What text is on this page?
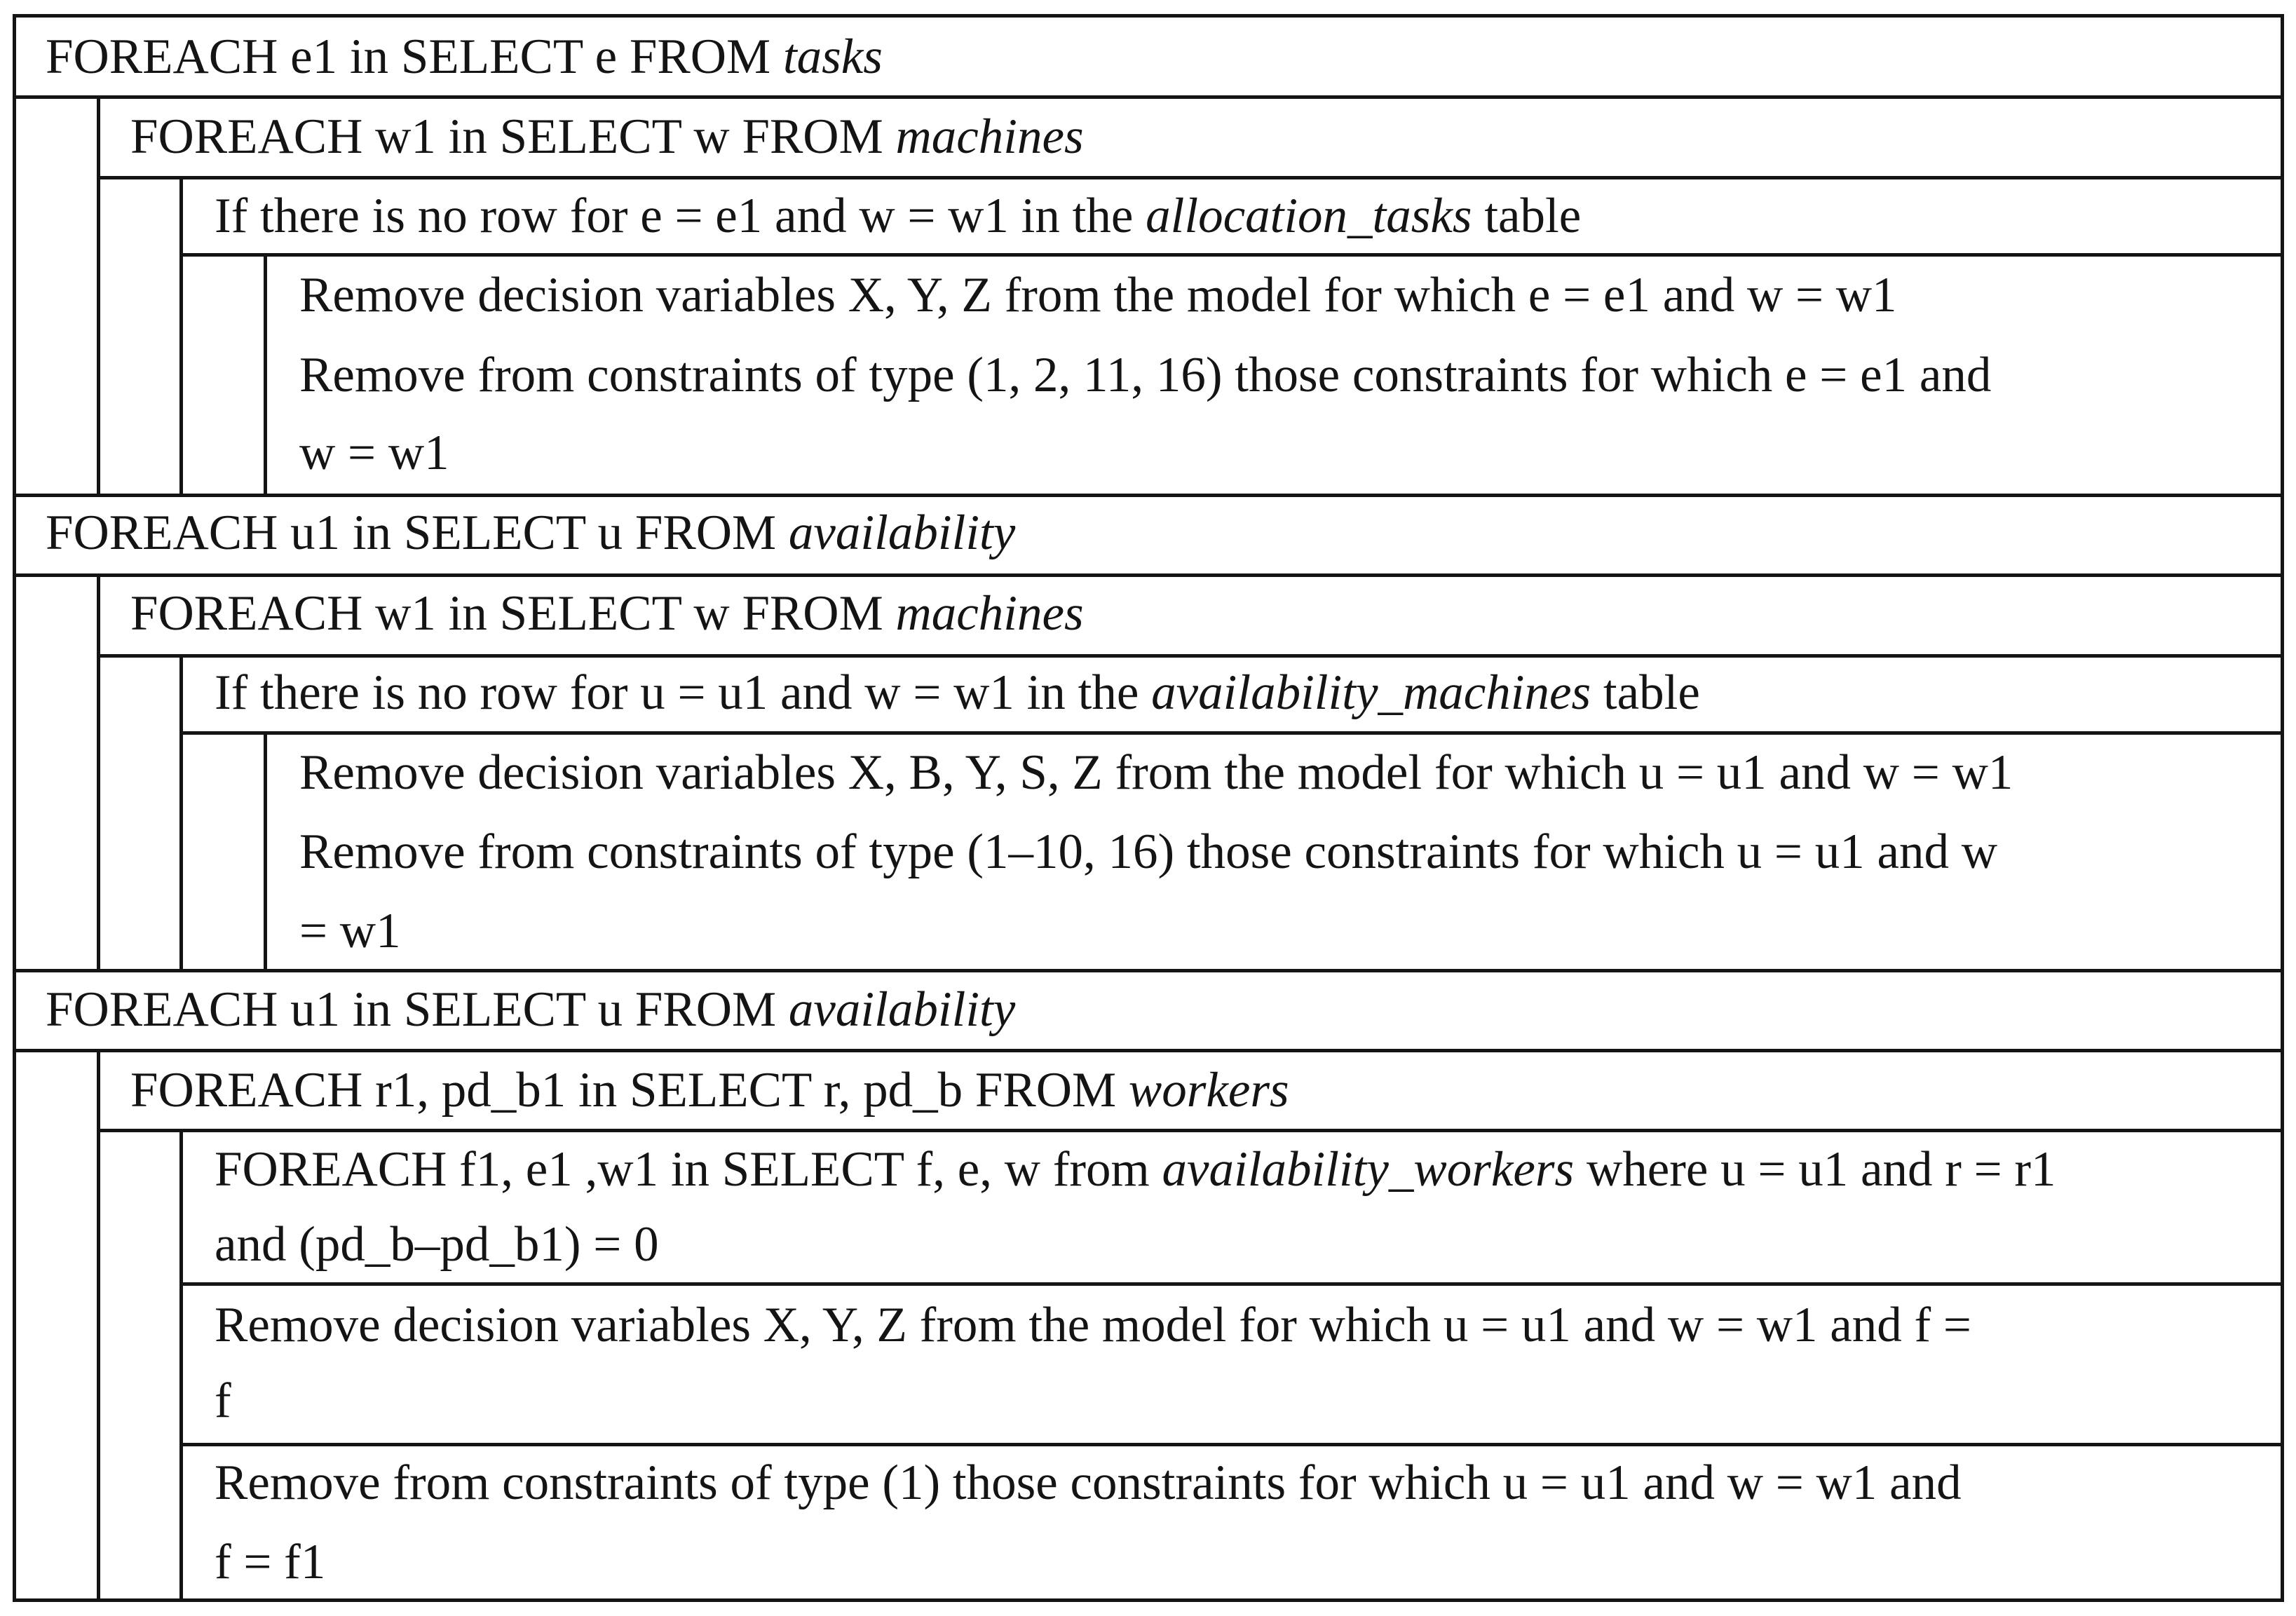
FOREACH e1 in SELECT e FROM tasks
FOREACH w1 in SELECT w FROM machines
If there is no row for e = e1 and w = w1 in the allocation_tasks table
Remove decision variables X, Y, Z from the model for which e = e1 and w = w1
Remove from constraints of type (1, 2, 11, 16) those constraints for which e = e1 and
w = w1
FOREACH u1 in SELECT u FROM availability
FOREACH w1 in SELECT w FROM machines
If there is no row for u = u1 and w = w1 in the availability_machines table
Remove decision variables X, B, Y, S, Z from the model for which u = u1 and w = w1
Remove from constraints of type (1–10, 16) those constraints for which u = u1 and w
= w1
FOREACH u1 in SELECT u FROM availability
FOREACH r1, pd_b1 in SELECT r, pd_b FROM workers
FOREACH f1, e1 ,w1 in SELECT f, e, w from availability_workers where u = u1 and r = r1
and (pd_b–pd_b1) = 0
Remove decision variables X, Y, Z from the model for which u = u1 and w = w1 and f =
f
Remove from constraints of type (1) those constraints for which u = u1 and w = w1 and
f = f1
